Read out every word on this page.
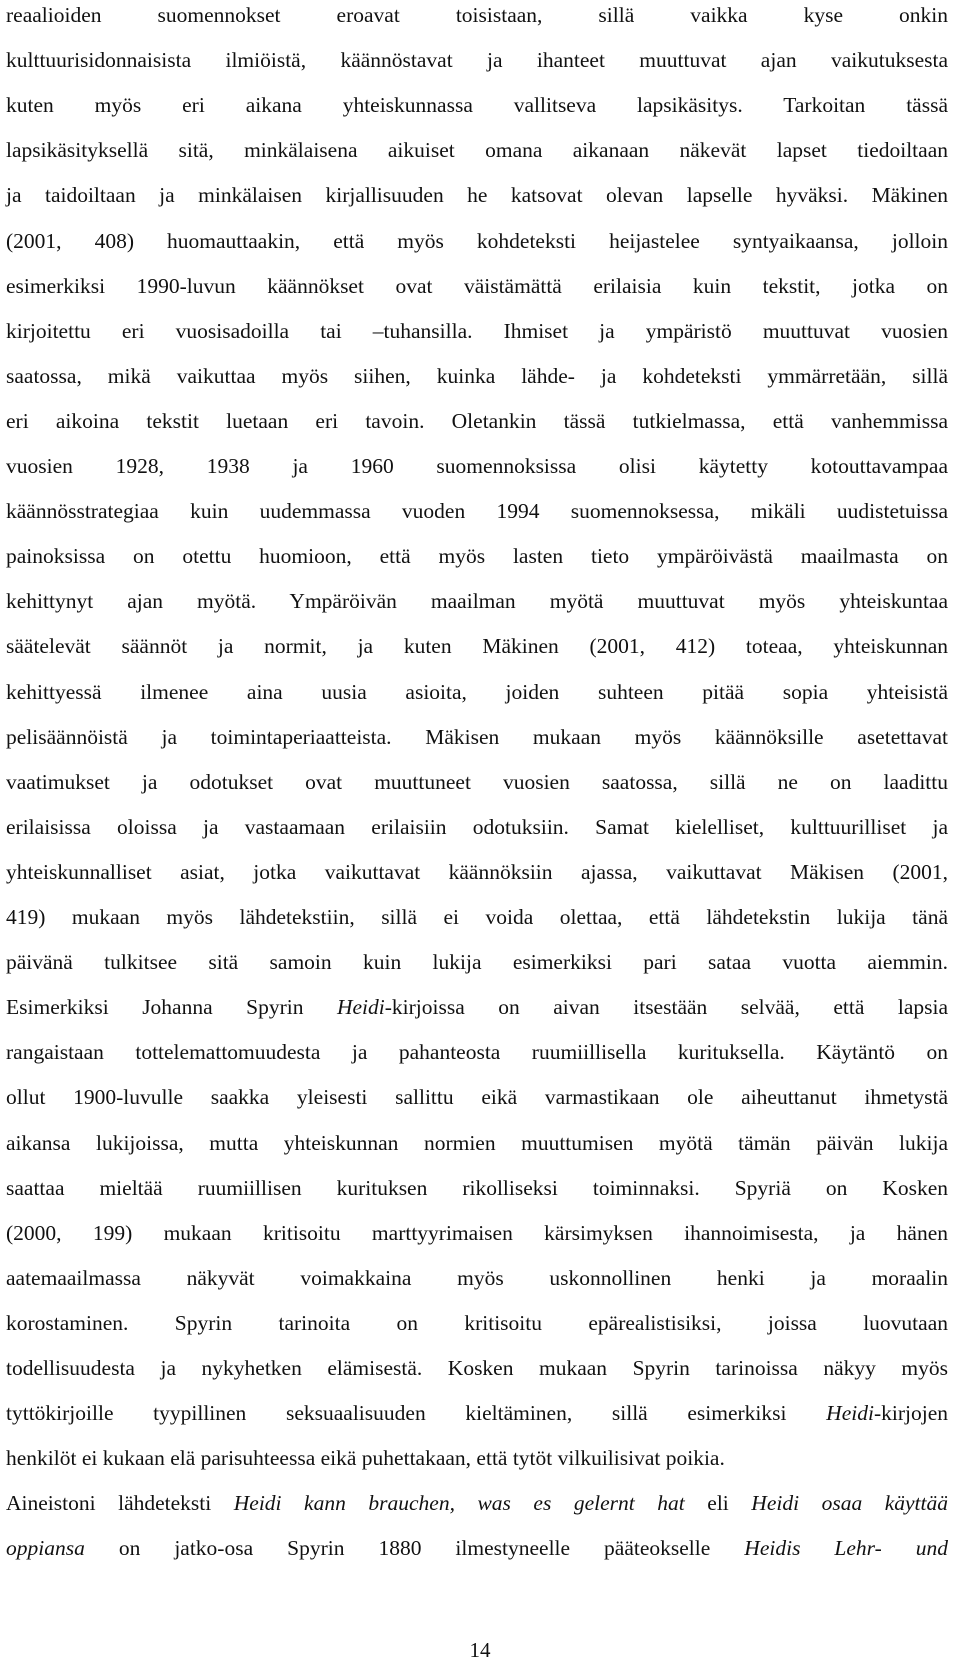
reaalioiden suomennokset eroavat toisistaan, sillä vaikka kyse onkin
kulttuurisidonnaisista ilmiöistä, käännöstavat ja ihanteet muuttuvat ajan vaikutuksesta
kuten myös eri aikana yhteiskunnassa vallitseva lapsikäsitys. Tarkoitan tässä
lapsikäsityksellä sitä, minkälaisena aikuiset omana aikanaan näkevät lapset tiedoiltaan
ja taidoiltaan ja minkälaisen kirjallisuuden he katsovat olevan lapselle hyväksi. Mäkinen
(2001, 408) huomauttaakin, että myös kohdeteksti heijastelee syntyaikaansa, jolloin
esimerkiksi 1990-luvun käännökset ovat väistämättä erilaisia kuin tekstit, jotka on
kirjoitettu eri vuosisadoilla tai –tuhansilla. Ihmiset ja ympäristö muuttuvat vuosien
saatossa, mikä vaikuttaa myös siihen, kuinka lähde- ja kohdeteksti ymmärretään, sillä
eri aikoina tekstit luetaan eri tavoin. Oletankin tässä tutkielmassa, että vanhemmissa
vuosien 1928, 1938 ja 1960 suomennoksissa olisi käytetty kotouttavampaa
käännösstrategiaa kuin uudemmassa vuoden 1994 suomennoksessa, mikäli uudistetuissa
painoksissa on otettu huomioon, että myös lasten tieto ympäröivästä maailmasta on
kehittynyt ajan myötä. Ympäröivän maailman myötä muuttuvat myös yhteiskuntaa
säätelevät säännöt ja normit, ja kuten Mäkinen (2001, 412) toteaa, yhteiskunnan
kehittyessä ilmenee aina uusia asioita, joiden suhteen pitää sopia yhteisistä
pelisäännöistä ja toimintaperiaatteista. Mäkisen mukaan myös käännöksille asetettavat
vaatimukset ja odotukset ovat muuttuneet vuosien saatossa, sillä ne on laadittu
erilaisissa oloissa ja vastaamaan erilaisiin odotuksiin. Samat kielelliset, kulttuurilliset ja
yhteiskunnalliset asiat, jotka vaikuttavat käännöksiin ajassa, vaikuttavat Mäkisen (2001,
419) mukaan myös lähdetekstiin, sillä ei voida olettaa, että lähdetekstin lukija tänä
päivänä tulkitsee sitä samoin kuin lukija esimerkiksi pari sataa vuotta aiemmin.
Esimerkiksi Johanna Spyrin Heidi-kirjoissa on aivan itsestään selvää, että lapsia
rangaistaan tottelemattomuudesta ja pahanteosta ruumiillisella kurituksella. Käytäntö on
ollut 1900-luvulle saakka yleisesti sallittu eikä varmastikaan ole aiheuttanut ihmetystä
aikansa lukijoissa, mutta yhteiskunnan normien muuttumisen myötä tämän päivän lukija
saattaa mieltää ruumiillisen kurituksen rikolliseksi toiminnaksi. Spyriä on Kosken
(2000, 199) mukaan kritisoitu marttyyrimaisen kärsimyksen ihannoimisesta, ja hänen
aatemaailmassa näkyvät voimakkaina myös uskonnollinen henki ja moraalin
korostaminen. Spyrin tarinoita on kritisoitu epärealistisiksi, joissa luovutaan
todellisuudesta ja nykyhetken elämisestä. Kosken mukaan Spyrin tarinoissa näkyy myös
tyttökirjoille tyypillinen seksuaalisuuden kieltäminen, sillä esimerkiksi Heidi-kirjojen
henkilöt ei kukaan elä parisuhteessa eikä puhettakaan, että tytöt vilkuilisivat poikia.
Aineistoni lähdeteksti Heidi kann brauchen, was es gelernt hat eli Heidi osaa käyttää
oppiansa on jatko-osa Spyrin 1880 ilmestyneelle pääteokselle Heidis Lehr- und
14
